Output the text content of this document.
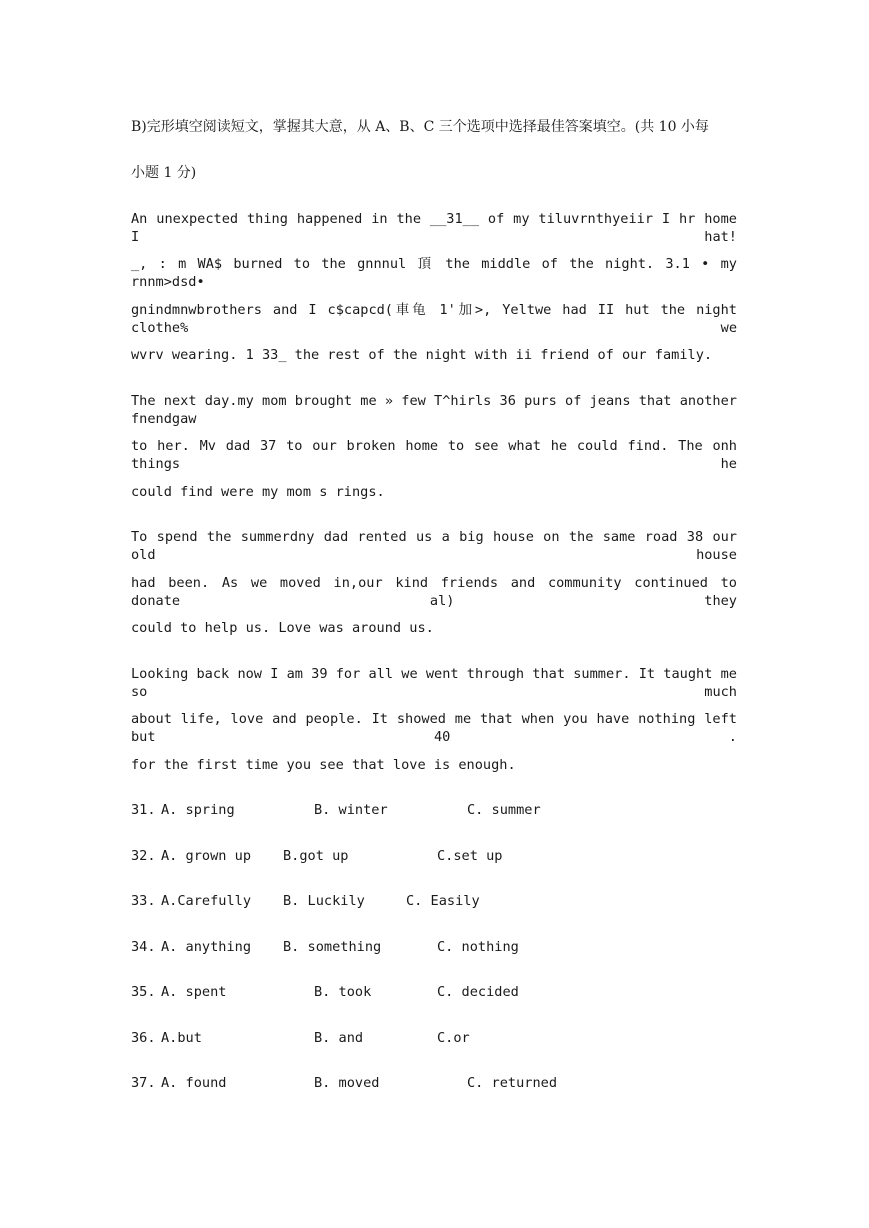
B)完形填空阅读短文，掌握其大意，从 A、B、C 三个选项中选择最佳答案填空。(共 10 小每
小题 1 分)
An unexpected thing happened in the __31__ of my tiluvrnthyeiir I hr home I hat!
_, : m WA$ burned to the gnnnul 頂 the middle of the night. 3.1 • my rnnm>dsd•
gnindmnwbrothers and I c$capcd(車龟 1'加>, Yeltwe had II hut the night clothe% we
wvrv wearing. 1 33_ the rest of the night with ii friend of our family.
The next day.my mom brought me » few T^hirls 36 purs of jeans that another fnendgaw
to her. Mv dad 37 to our broken home to see what he could find. The onh things he
could find were my mom s rings.
To spend the summerdny dad rented us a big house on the same road 38 our old house
had been. As we moved in,our kind friends and community continued to donate al) they
could to help us. Love was around us.
Looking back now I am 39 for all we went through that summer. It taught me so much
about life, love and people. It showed me that when you have nothing left but 40 .
for the first time you see that love is enough.
31. A. spring	B. winter	C. summer
32. A. grown up B.got up	C.set up
33. A.Carefully B. Luckily	C. Easily
34. A. anything B. something	C. nothing
35. A. spent	B. took	C. decided
36. A.but	B. and	C.or
37. A. found	B. moved	C. returned
